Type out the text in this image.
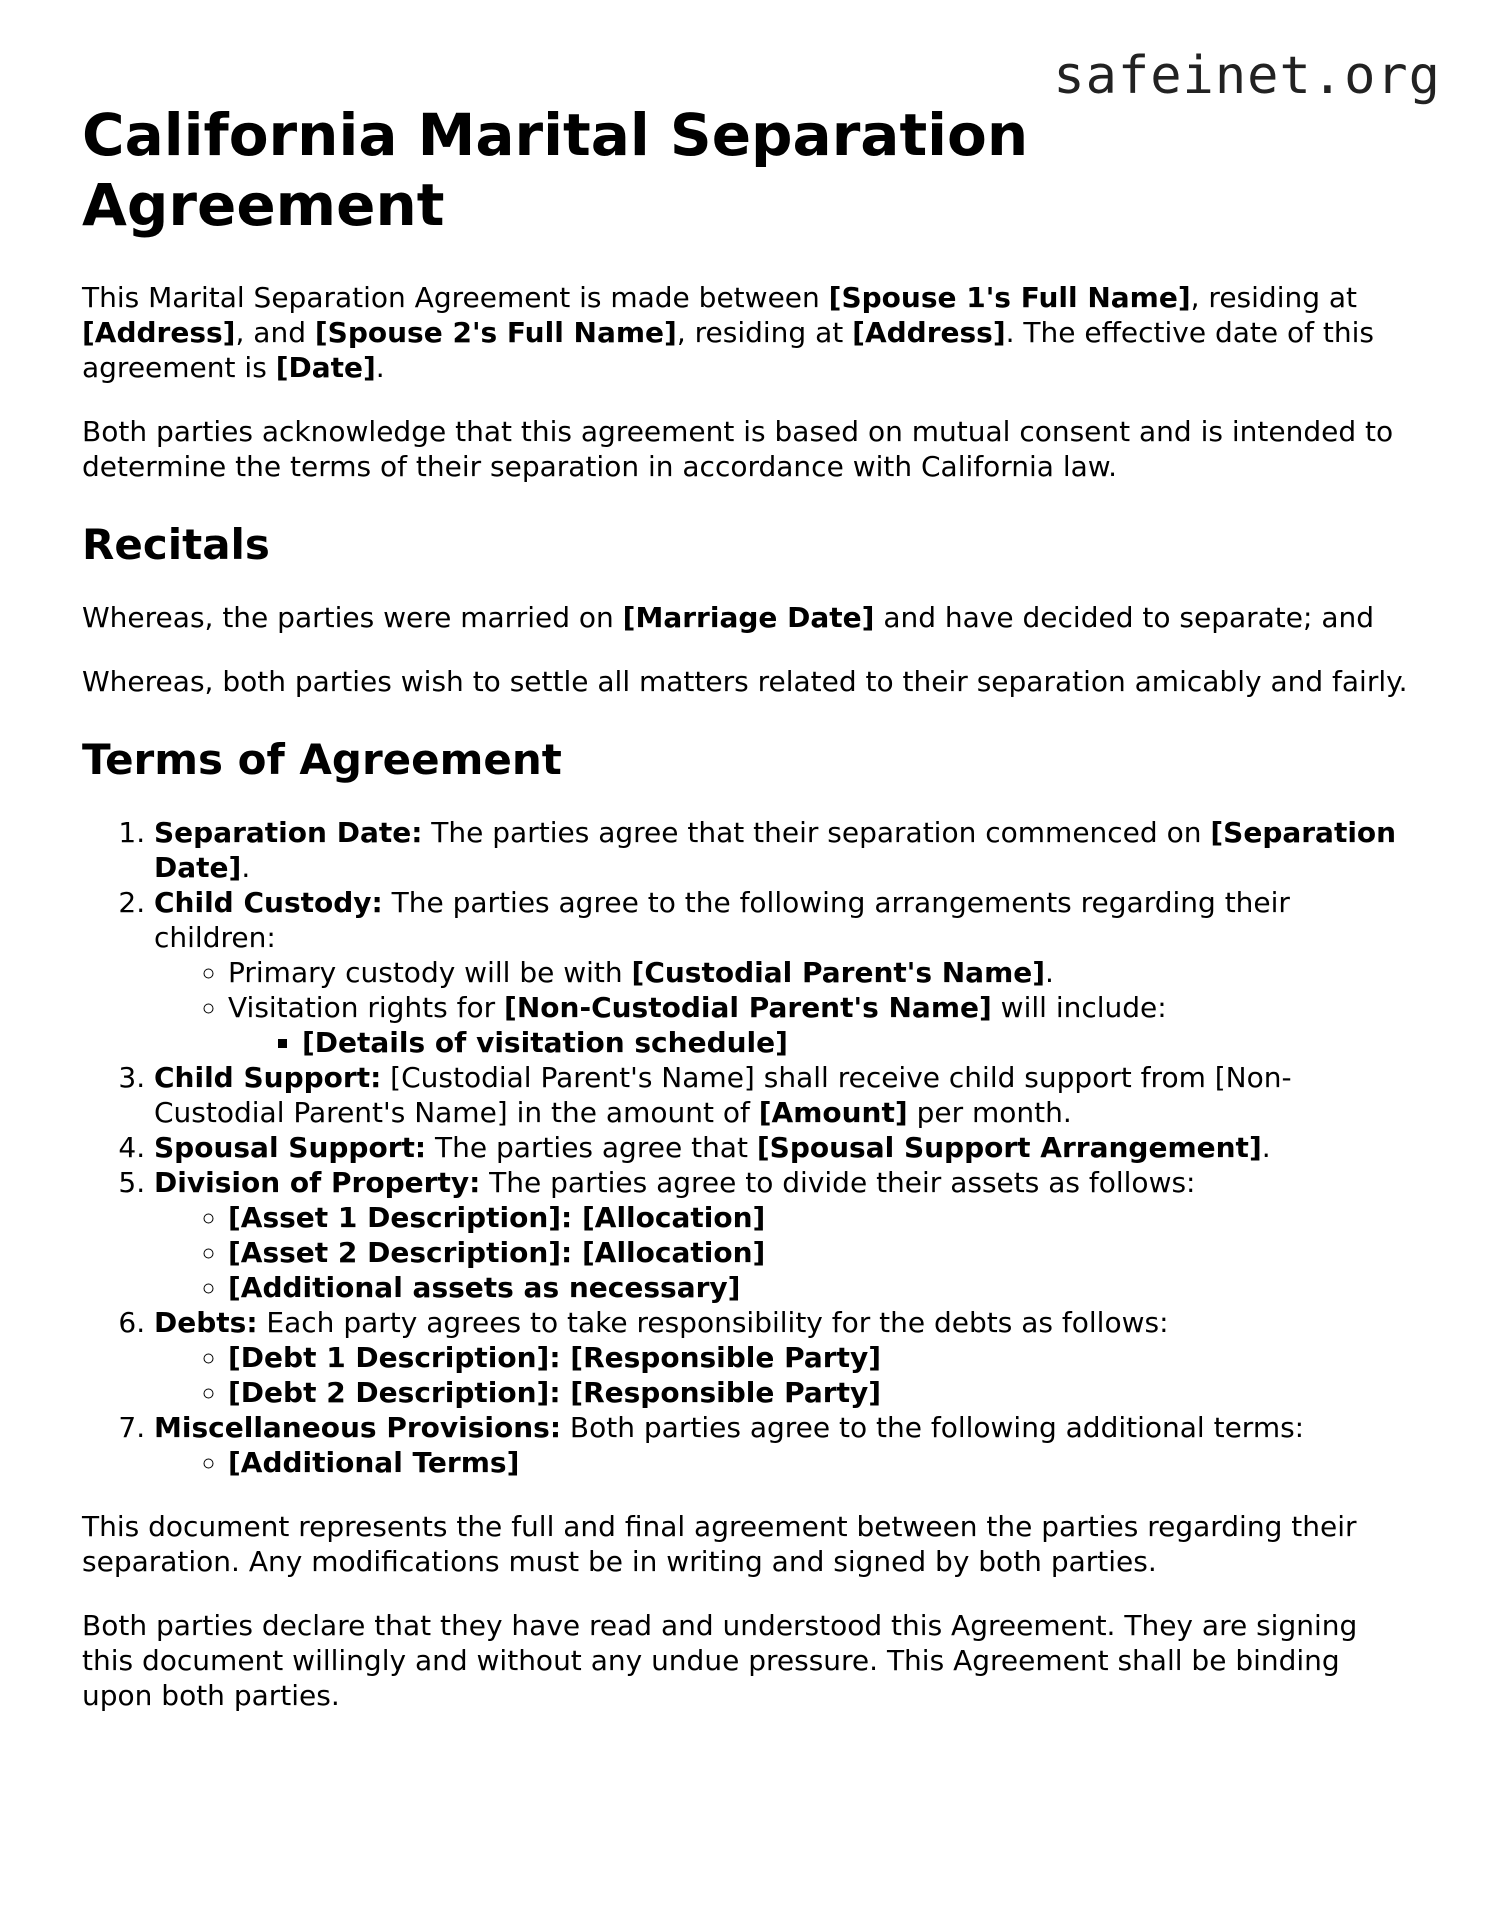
safeinet.org
California Marital Separation Agreement

This Marital Separation Agreement is made between [Spouse 1's Full Name], residing at [Address], and [Spouse 2's Full Name], residing at [Address]. The effective date of this agreement is [Date].

Both parties acknowledge that this agreement is based on mutual consent and is intended to determine the terms of their separation in accordance with California law.

Recitals

Whereas, the parties were married on [Marriage Date] and have decided to separate; and

Whereas, both parties wish to settle all matters related to their separation amicably and fairly.

Terms of Agreement
1. Separation Date: The parties agree that their separation commenced on [Separation Date].
2. Child Custody: The parties agree to the following arrangements regarding their children:
◦ Primary custody will be with [Custodial Parent's Name].
◦ Visitation rights for [Non-Custodial Parent's Name] will include:
▪ [Details of visitation schedule]
3. Child Support: [Custodial Parent's Name] shall receive child support from [Non-Custodial Parent's Name] in the amount of [Amount] per month.
4. Spousal Support: The parties agree that [Spousal Support Arrangement].
5. Division of Property: The parties agree to divide their assets as follows:
◦ [Asset 1 Description]: [Allocation]
◦ [Asset 2 Description]: [Allocation]
◦ [Additional assets as necessary]
6. Debts: Each party agrees to take responsibility for the debts as follows:
◦ [Debt 1 Description]: [Responsible Party]
◦ [Debt 2 Description]: [Responsible Party]
7. Miscellaneous Provisions: Both parties agree to the following additional terms:
◦ [Additional Terms]

This document represents the full and final agreement between the parties regarding their separation. Any modifications must be in writing and signed by both parties.

Both parties declare that they have read and understood this Agreement. They are signing this document willingly and without any undue pressure. This Agreement shall be binding upon both parties.
